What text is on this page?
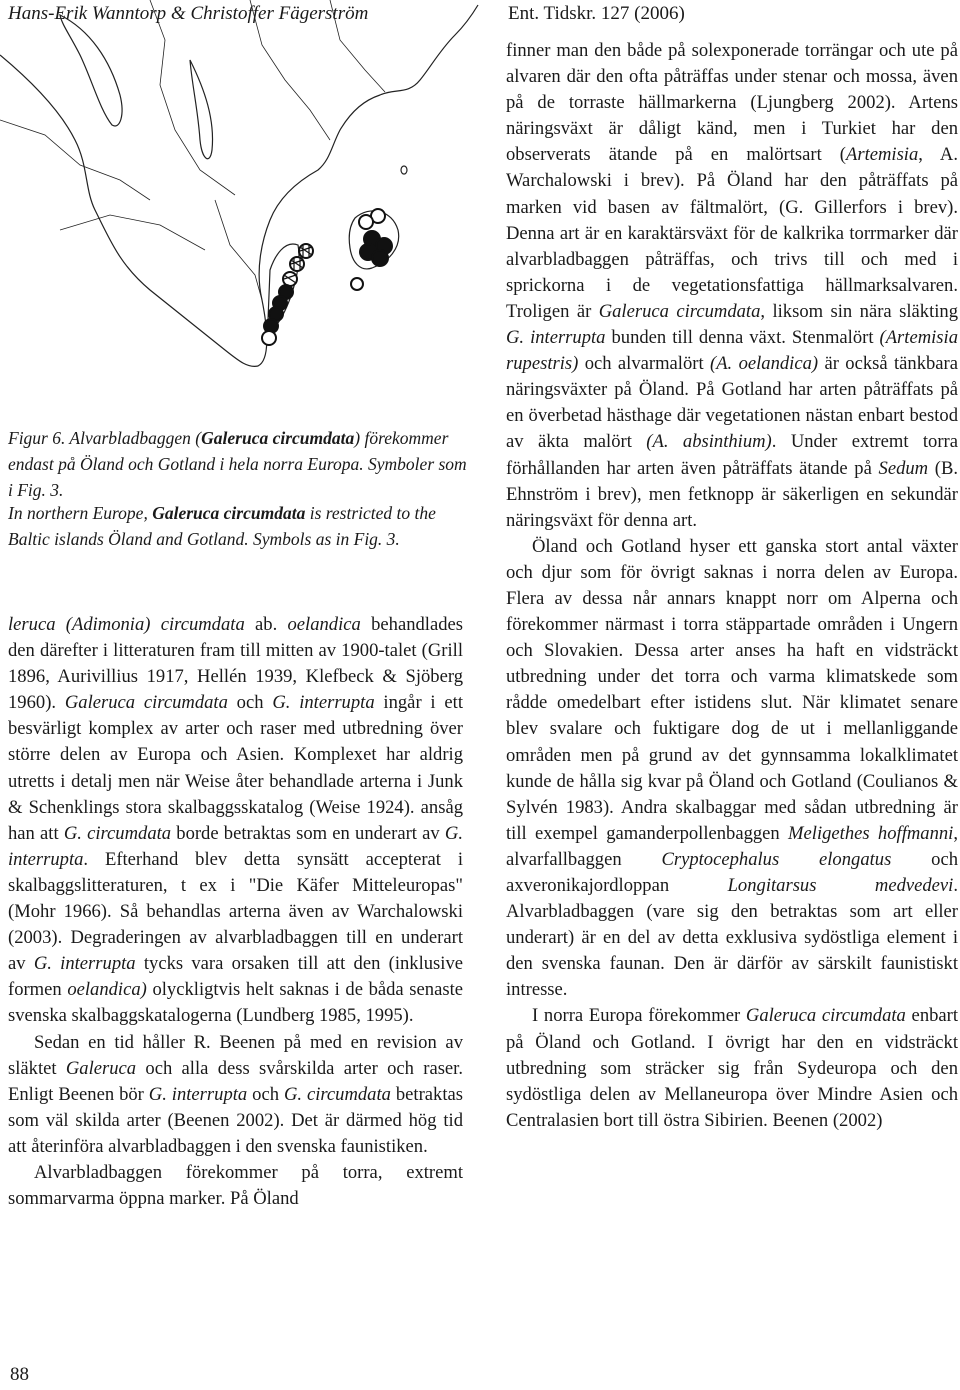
Hans-Erik Wanntorp & Christoffer Fägerström	Ent. Tidskr. 127 (2006)
Figur 6. Alvarbladbaggen (Galeruca circumdata) förekommer endast på Öland och Gotland i hela norra Europa. Symboler som i Fig. 3.
In northern Europe, Galeruca circumdata is restricted to the Baltic islands Öland and Gotland. Symbols as in Fig. 3.

leruca (Adimonia) circumdata ab. oelandica behandlades den därefter i litteraturen fram till mitten av 1900-talet (Grill 1896, Aurivillius 1917, Hellén 1939, Klefbeck & Sjöberg 1960). Galeruca circumdata och G. interrupta ingår i ett besvärligt komplex av arter och raser med utbredning över större delen av Europa och Asien. Komplexet har aldrig utretts i detalj men när Weise åter behandlade arterna i Junk & Schenklings stora skalbaggsskatalog (Weise 1924). ansåg han att G. circumdata borde betraktas som en underart av G. interrupta. Efterhand blev detta synsätt accepterat i skalbaggslitteraturen, t ex i "Die Käfer Mitteleuropas" (Mohr 1966). Så behandlas arterna även av Warchalowski (2003). Degraderingen av alvarbladbaggen till en underart av G. interrupta tycks vara orsaken till att den (inklusive formen oelandica) olyckligtvis helt saknas i de båda senaste svenska skalbaggskatalogerna (Lundberg 1985, 1995).

Sedan en tid håller R. Beenen på med en revision av släktet Galeruca och alla dess svårskilda arter och raser. Enligt Beenen bör G. interrupta och G. circumdata betraktas som väl skilda arter (Beenen 2002). Det är därmed hög tid att återinföra alvarbladbaggen i den svenska faunistiken.

Alvarbladbaggen förekommer på torra, extremt sommarvarma öppna marker. På Öland

finner man den både på solexponerade torrängar och ute på alvaren där den ofta påträffas under stenar och mossa, även på de torraste hällmarkerna (Ljungberg 2002). Artens näringsväxt är dåligt känd, men i Turkiet har den observerats ätande på en malörtsart (Artemisia, A. Warchalowski i brev). På Öland har den påträffats på marken vid basen av fältmalört, (G. Gillerfors i brev). Denna art är en karaktärsväxt för de kalkrika torrmarker där alvarbladbaggen påträffas, och trivs till och med i sprickorna i de vegetationsfattiga hällmarksalvaren. Troligen är Galeruca circumdata, liksom sin nära släkting G. interrupta bunden till denna växt. Stenmalört (Artemisia rupestris) och alvarmalört (A. oelandica) är också tänkbara näringsväxter på Öland. På Gotland har arten påträffats på en överbetad hästhage där vegetationen nästan enbart bestod av äkta malört (A. absinthium). Under extremt torra förhållanden har arten även påträffats ätande på Sedum (B. Ehnström i brev), men fetknopp är säkerligen en sekundär näringsväxt för denna art.

Öland och Gotland hyser ett ganska stort antal växter och djur som för övrigt saknas i norra delen av Europa. Flera av dessa når annars knappt norr om Alperna och förekommer närmast i torra stäppartade områden i Ungern och Slovakien. Dessa arter anses ha haft en vidsträckt utbredning under det torra och varma klimatskede som rådde omedelbart efter istidens slut. När klimatet senare blev svalare och fuktigare dog de ut i mellanliggande områden men på grund av det gynnsamma lokalklimatet kunde de hålla sig kvar på Öland och Gotland (Coulianos & Sylvén 1983). Andra skalbaggar med sådan utbredning är till exempel gamanderpollenbaggen Meligethes hoffmanni, alvarfallbaggen Cryptocephalus elongatus och axveronikajordloppan Longitarsus medvedevi. Alvarbladbaggen (vare sig den betraktas som art eller underart) är en del av detta exklusiva sydöstliga element i den svenska faunan. Den är därför av särskilt faunistiskt intresse.

I norra Europa förekommer Galeruca circumdata enbart på Öland och Gotland. I övrigt har den en vidsträckt utbredning som sträcker sig från Sydeuropa och den sydöstliga delen av Mellaneuropa över Mindre Asien och Centralasien bort till östra Sibirien. Beenen (2002)

88
